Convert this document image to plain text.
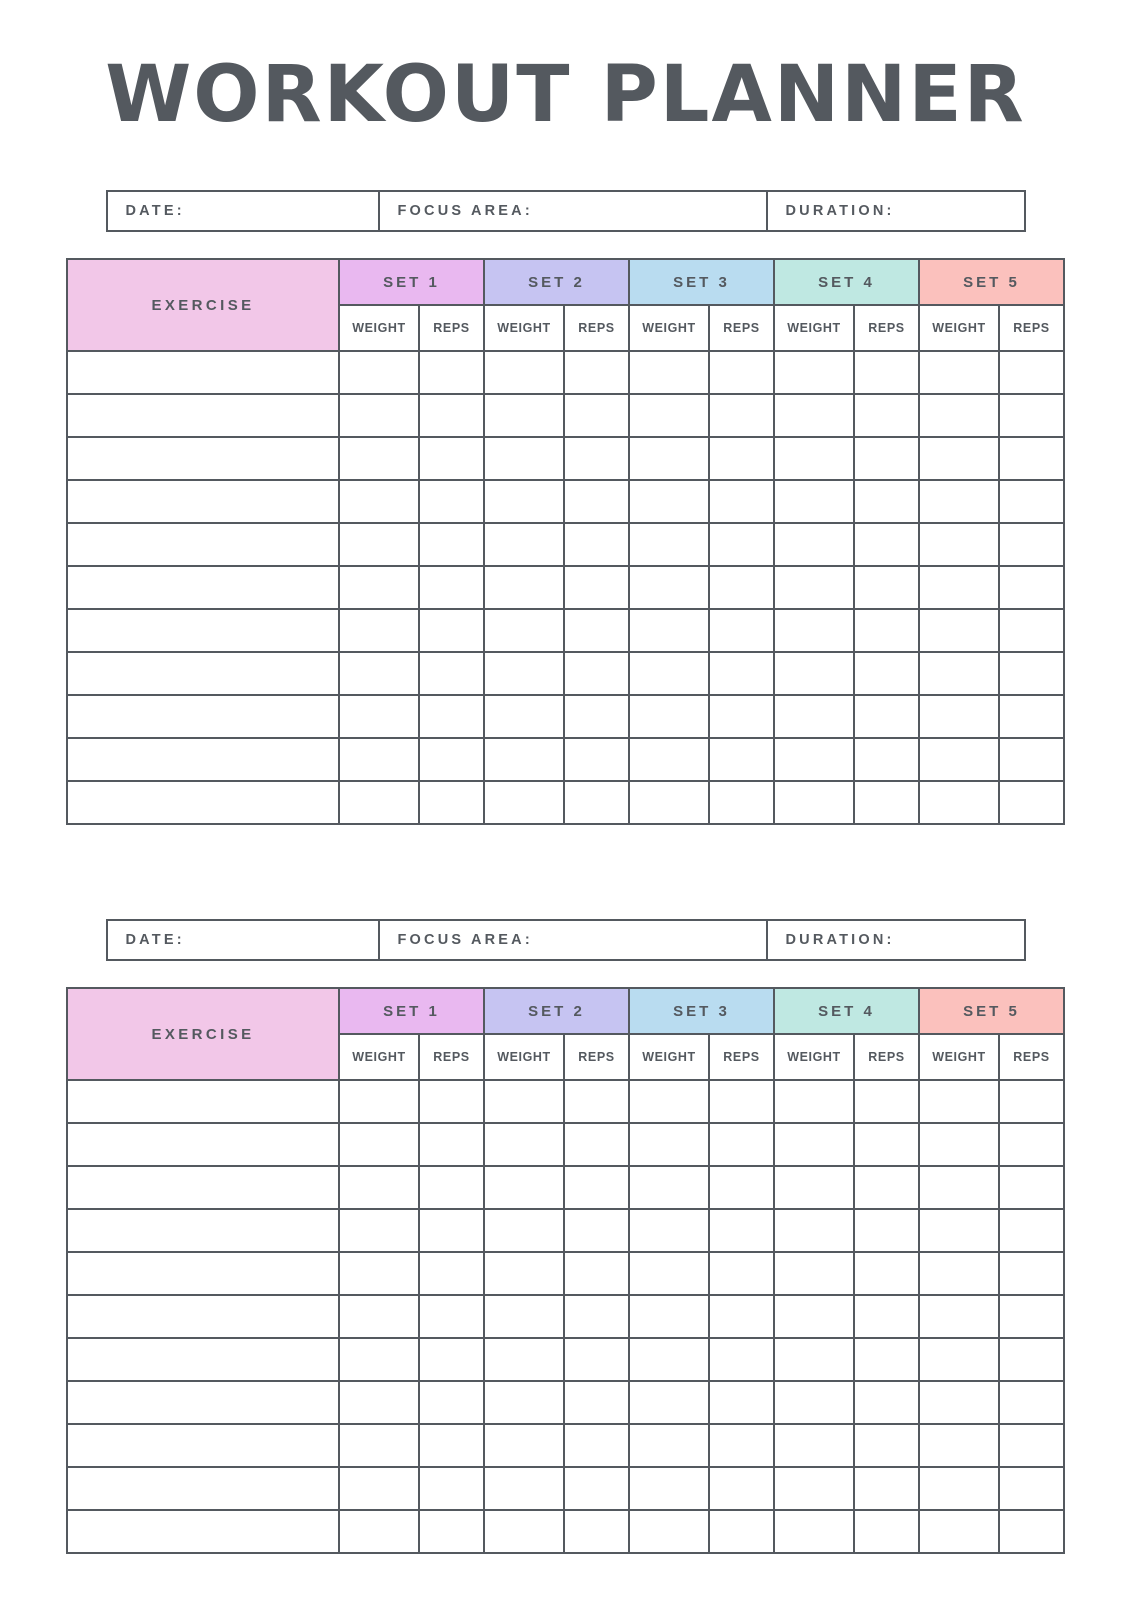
WORKOUT PLANNER
DATE:	FOCUS AREA:	DURATION:
EXERCISE	SET 1		SET 2		SET 3		SET 4		SET 5	
	WEIGHT	REPS	WEIGHT	REPS	WEIGHT	REPS	WEIGHT	REPS	WEIGHT	REPS

DATE:	FOCUS AREA:	DURATION:
EXERCISE	SET 1		SET 2		SET 3		SET 4		SET 5	
	WEIGHT	REPS	WEIGHT	REPS	WEIGHT	REPS	WEIGHT	REPS	WEIGHT	REPS
